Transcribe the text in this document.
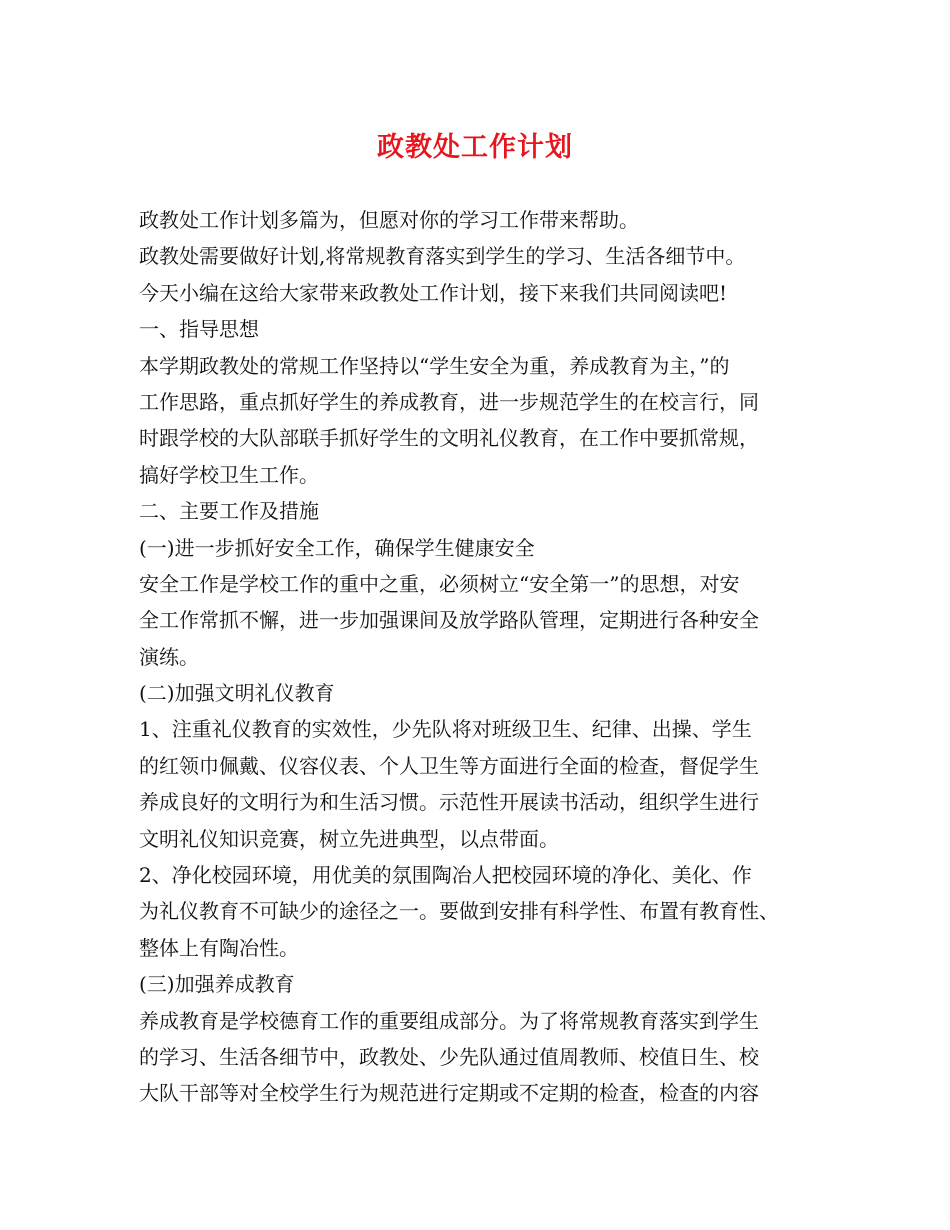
政教处工作计划
政教处工作计划多篇为，但愿对你的学习工作带来帮助。
政教处需要做好计划,将常规教育落实到学生的学习、生活各细节中。
今天小编在这给大家带来政教处工作计划，接下来我们共同阅读吧!
一、指导思想
本学期政教处的常规工作坚持以“学生安全为重，养成教育为主，”的
工作思路，重点抓好学生的养成教育，进一步规范学生的在校言行，同
时跟学校的大队部联手抓好学生的文明礼仪教育，在工作中要抓常规，
搞好学校卫生工作。
二、主要工作及措施
(一)进一步抓好安全工作，确保学生健康安全
安全工作是学校工作的重中之重，必须树立“安全第一”的思想，对安
全工作常抓不懈，进一步加强课间及放学路队管理，定期进行各种安全
演练。
(二)加强文明礼仪教育
1、注重礼仪教育的实效性，少先队将对班级卫生、纪律、出操、学生
的红领巾佩戴、仪容仪表、个人卫生等方面进行全面的检查，督促学生
养成良好的文明行为和生活习惯。示范性开展读书活动，组织学生进行
文明礼仪知识竞赛，树立先进典型，以点带面。
2、净化校园环境，用优美的氛围陶冶人把校园环境的净化、美化、作
为礼仪教育不可缺少的途径之一。要做到安排有科学性、布置有教育性、
整体上有陶冶性。
(三)加强养成教育
养成教育是学校德育工作的重要组成部分。为了将常规教育落实到学生
的学习、生活各细节中，政教处、少先队通过值周教师、校值日生、校
大队干部等对全校学生行为规范进行定期或不定期的检查，检查的内容
